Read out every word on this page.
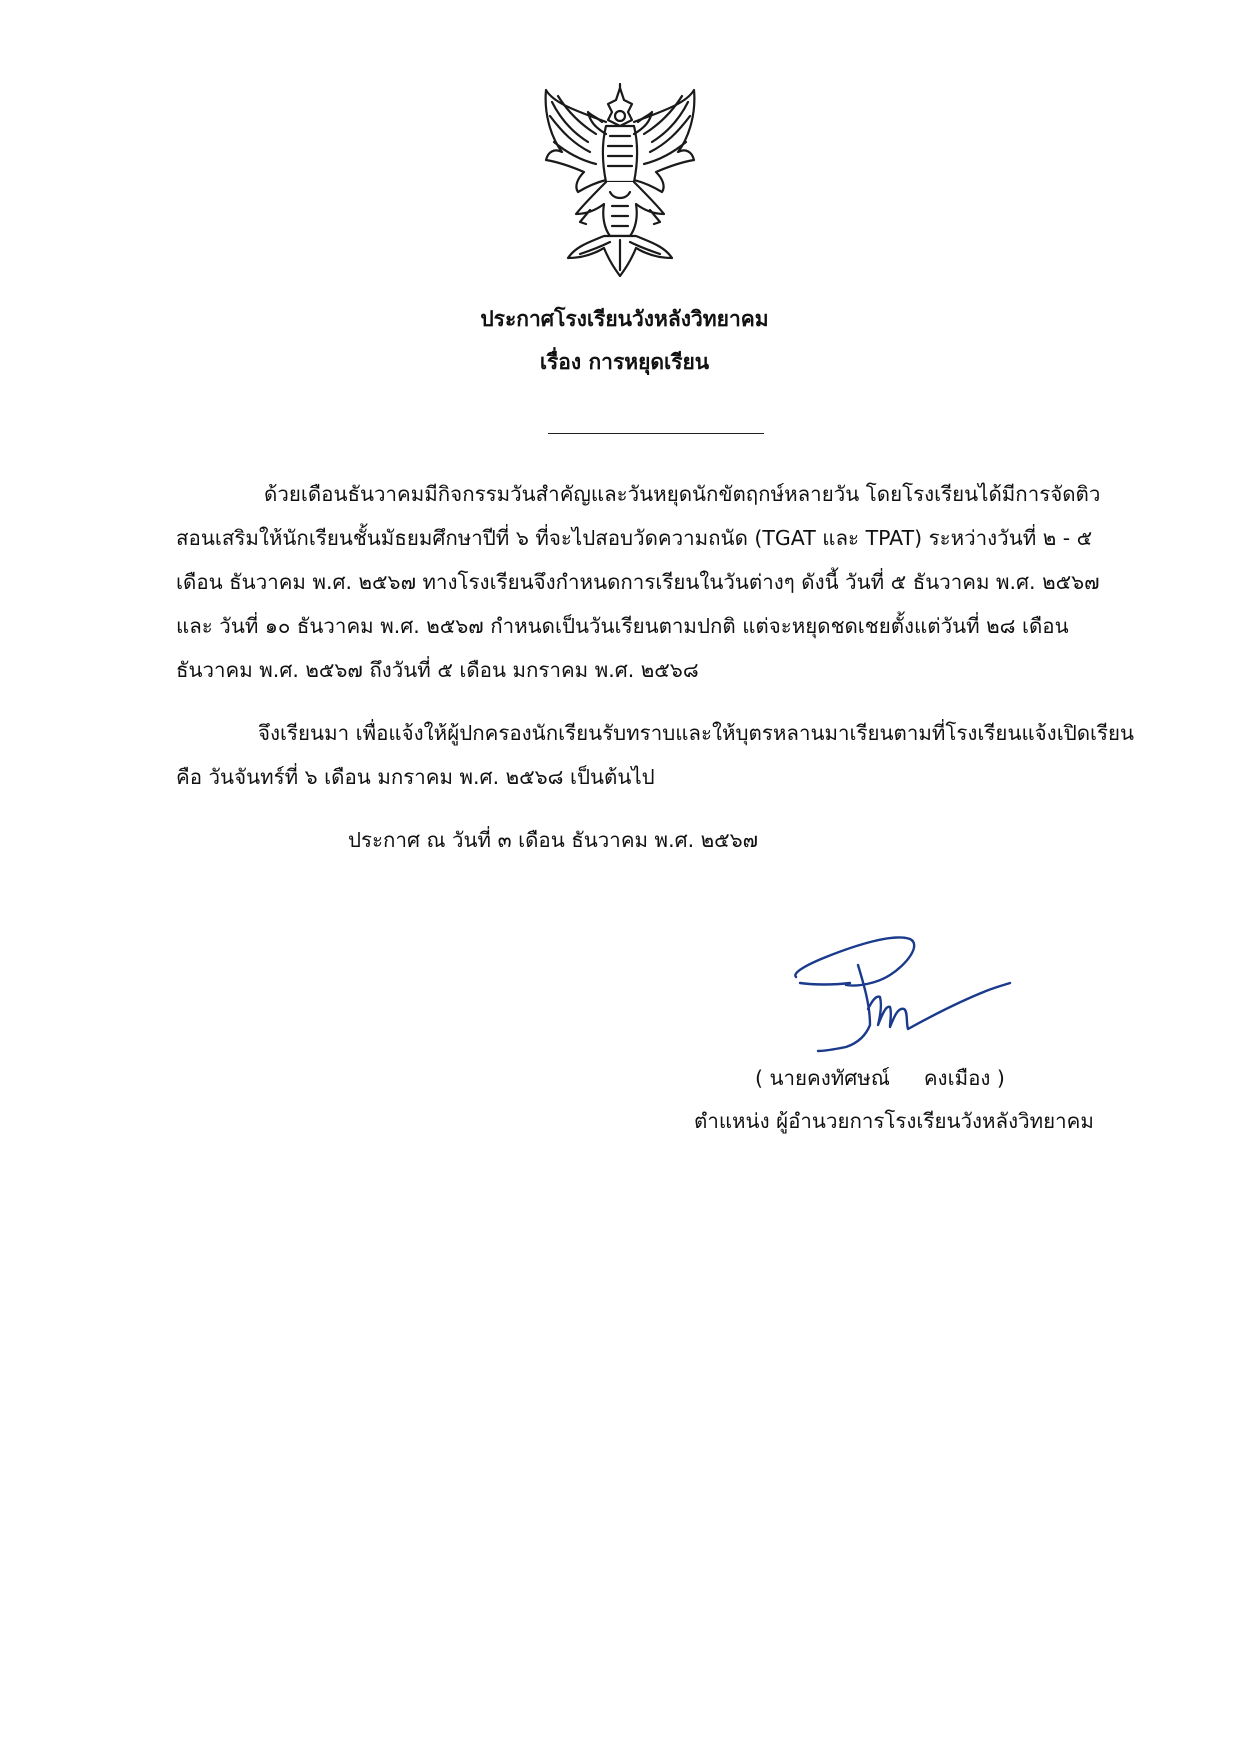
ประกาศโรงเรียนวังหลังวิทยาคม
เรื่อง การหยุดเรียน
ด้วยเดือนธันวาคมมีกิจกรรมวันสำคัญและวันหยุดนักขัตฤกษ์หลายวัน โดยโรงเรียนได้มีการจัดติว
สอนเสริมให้นักเรียนชั้นมัธยมศึกษาปีที่ ๖ ที่จะไปสอบวัดความถนัด (TGAT และ TPAT) ระหว่างวันที่ ๒ - ๕
เดือน ธันวาคม พ.ศ. ๒๕๖๗ ทางโรงเรียนจึงกำหนดการเรียนในวันต่างๆ ดังนี้ วันที่ ๕ ธันวาคม พ.ศ. ๒๕๖๗
และ วันที่ ๑๐ ธันวาคม พ.ศ. ๒๕๖๗ กำหนดเป็นวันเรียนตามปกติ แต่จะหยุดชดเชยตั้งแต่วันที่ ๒๘ เดือน
ธันวาคม พ.ศ. ๒๕๖๗ ถึงวันที่ ๕ เดือน มกราคม พ.ศ. ๒๕๖๘
จึงเรียนมา เพื่อแจ้งให้ผู้ปกครองนักเรียนรับทราบและให้บุตรหลานมาเรียนตามที่โรงเรียนแจ้งเปิดเรียน
คือ วันจันทร์ที่ ๖ เดือน มกราคม พ.ศ. ๒๕๖๘ เป็นต้นไป
ประกาศ ณ วันที่ ๓ เดือน ธันวาคม พ.ศ. ๒๕๖๗
( นายคงทัศษณ์ คงเมือง )
ตำแหน่ง ผู้อำนวยการโรงเรียนวังหลังวิทยาคม
